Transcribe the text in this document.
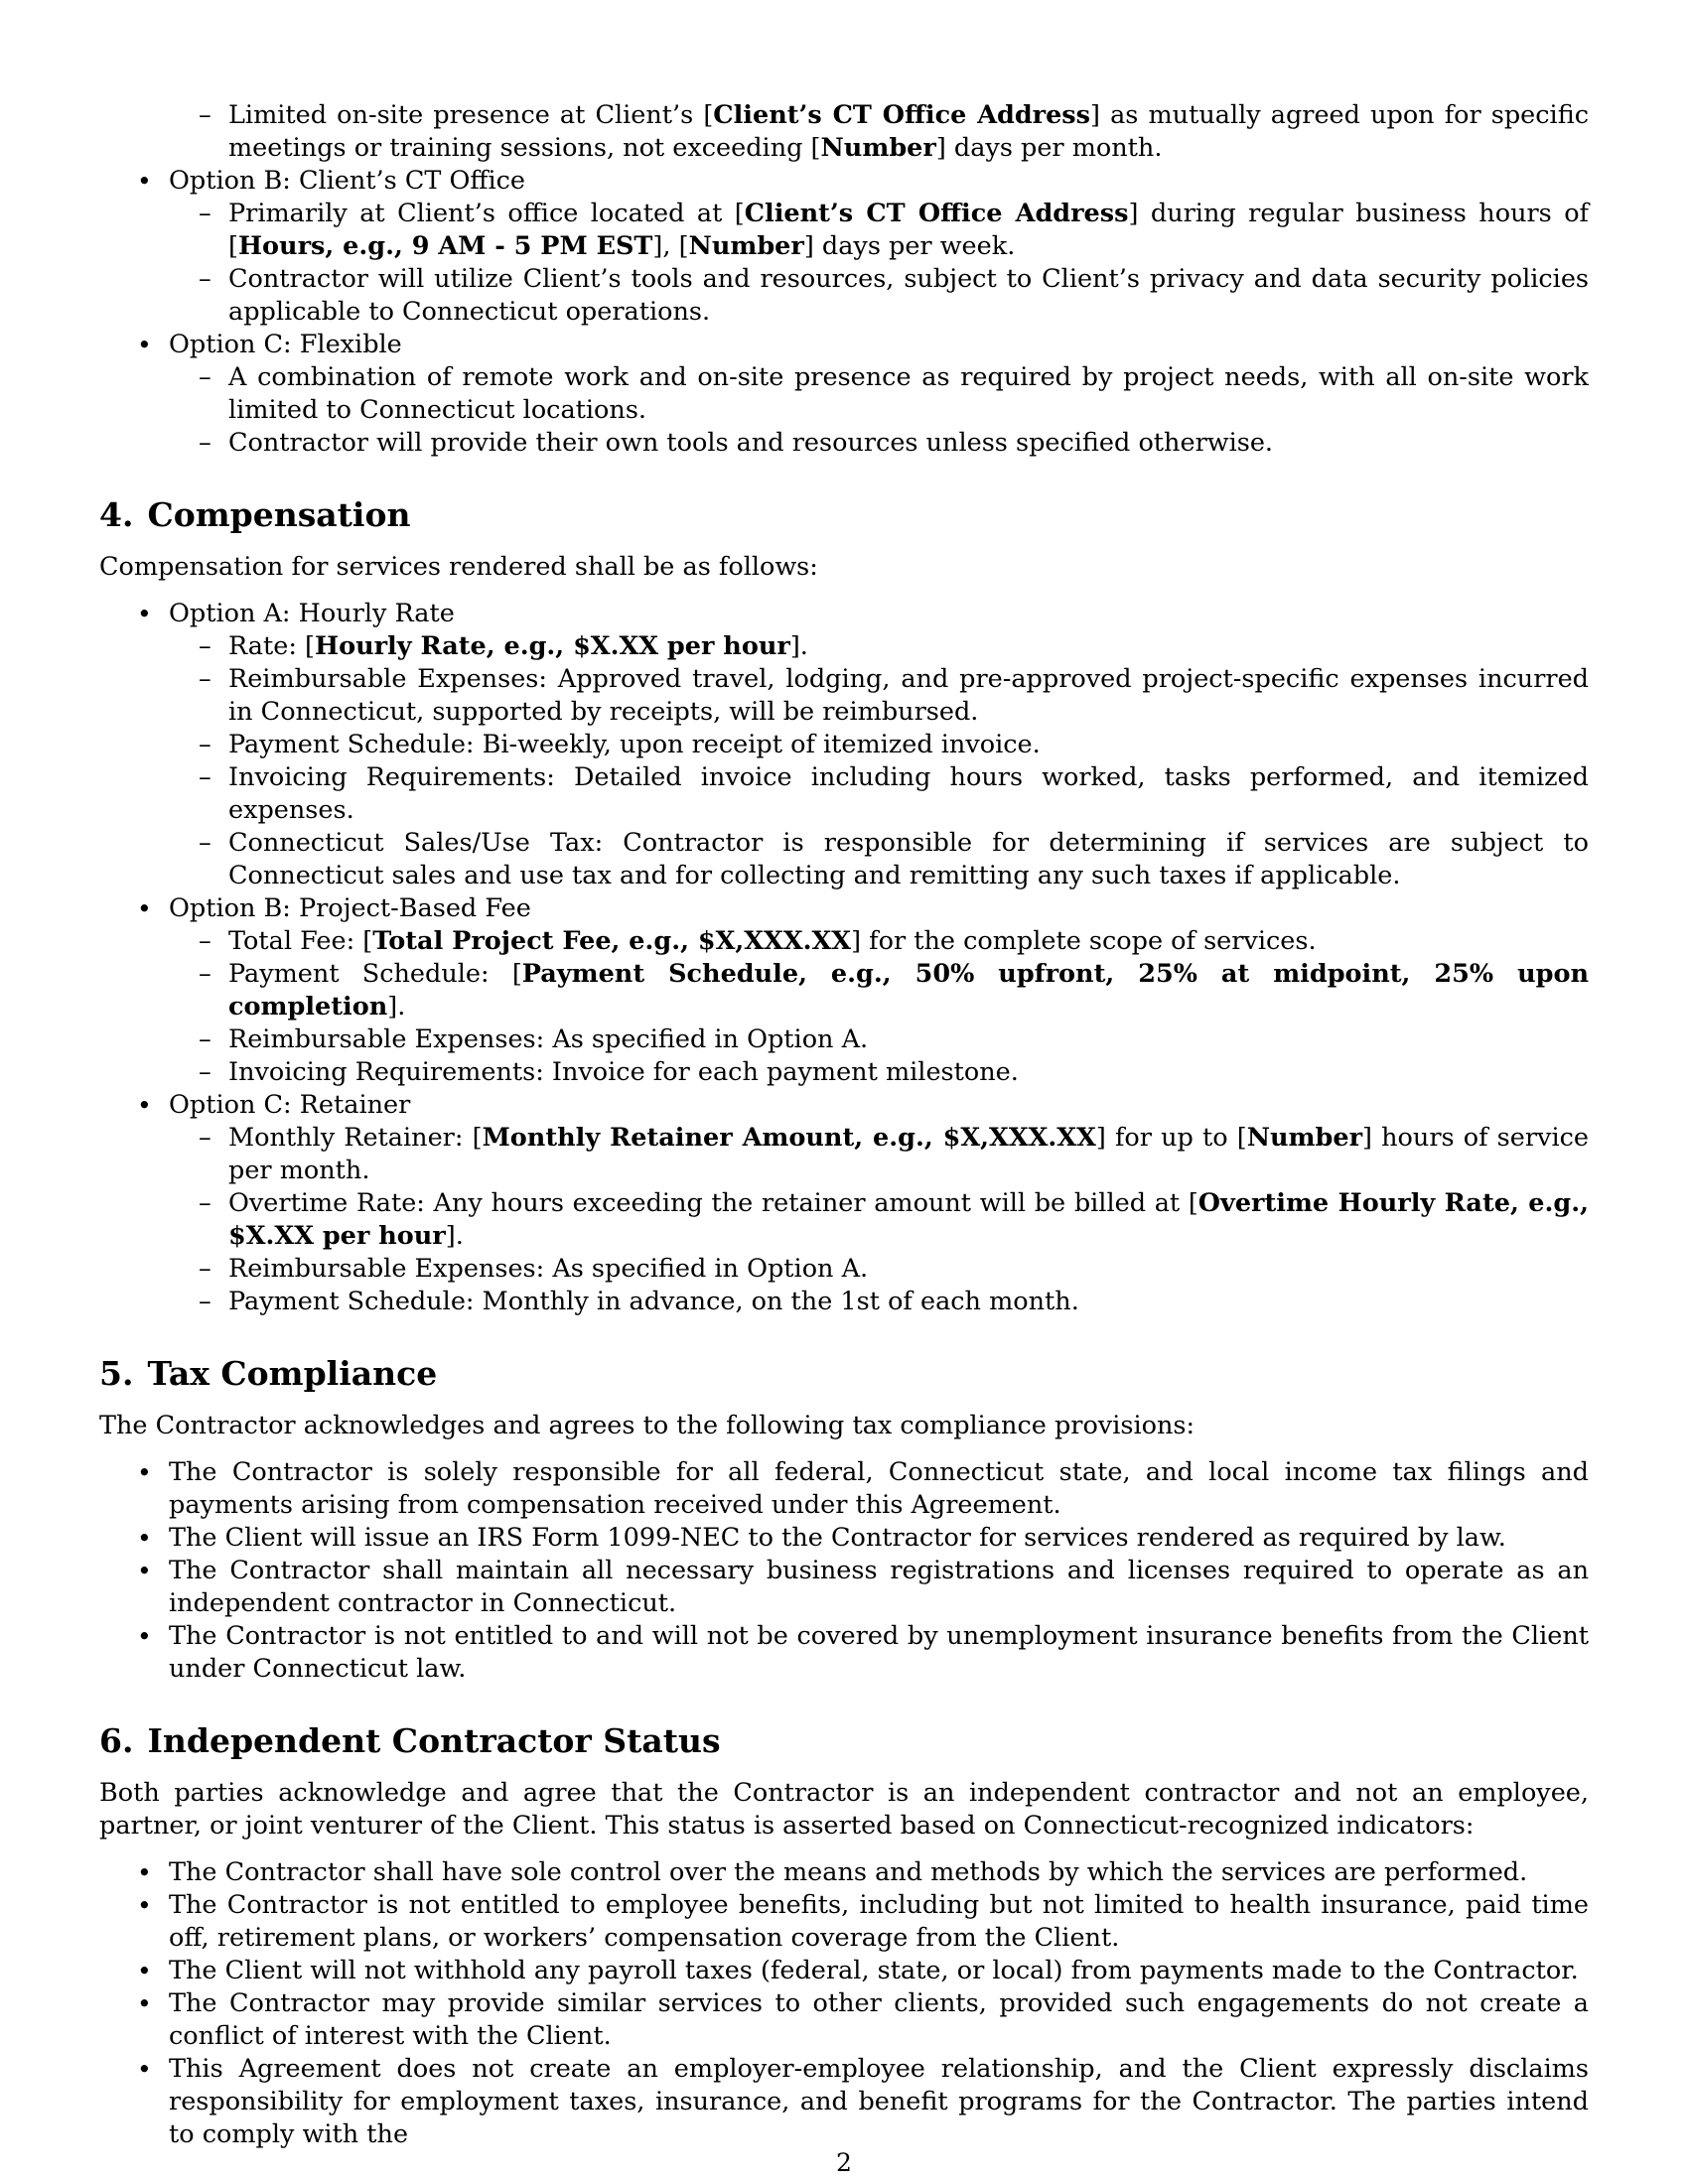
– Limited on-site presence at Client’s [Client’s CT Office Address] as mutually agreed upon for specific meetings or training sessions, not exceeding [Number] days per month.
• Option B: Client’s CT Office
– Primarily at Client’s office located at [Client’s CT Office Address] during regular business hours of [Hours, e.g., 9 AM - 5 PM EST], [Number] days per week.
– Contractor will utilize Client’s tools and resources, subject to Client’s privacy and data security policies applicable to Connecticut operations.
• Option C: Flexible
– A combination of remote work and on-site presence as required by project needs, with all on-site work limited to Connecticut locations.
– Contractor will provide their own tools and resources unless specified otherwise.
4. Compensation

Compensation for services rendered shall be as follows:

• Option A: Hourly Rate
– Rate: [Hourly Rate, e.g., $X.XX per hour].
– Reimbursable Expenses: Approved travel, lodging, and pre-approved project-specific expenses incurred in Connecticut, supported by receipts, will be reimbursed.
– Payment Schedule: Bi-weekly, upon receipt of itemized invoice.
– Invoicing Requirements: Detailed invoice including hours worked, tasks performed, and itemized expenses.
– Connecticut Sales/Use Tax: Contractor is responsible for determining if services are subject to Connecticut sales and use tax and for collecting and remitting any such taxes if applicable.
• Option B: Project-Based Fee
– Total Fee: [Total Project Fee, e.g., $X,XXX.XX] for the complete scope of services.
– Payment Schedule: [Payment Schedule, e.g., 50% upfront, 25% at midpoint, 25% upon completion].
– Reimbursable Expenses: As specified in Option A.
– Invoicing Requirements: Invoice for each payment milestone.
• Option C: Retainer
– Monthly Retainer: [Monthly Retainer Amount, e.g., $X,XXX.XX] for up to [Number] hours of service per month.
– Overtime Rate: Any hours exceeding the retainer amount will be billed at [Overtime Hourly Rate, e.g., $X.XX per hour].
– Reimbursable Expenses: As specified in Option A.
– Payment Schedule: Monthly in advance, on the 1st of each month.
5. Tax Compliance

The Contractor acknowledges and agrees to the following tax compliance provisions:

• The Contractor is solely responsible for all federal, Connecticut state, and local income tax filings and payments arising from compensation received under this Agreement.
• The Client will issue an IRS Form 1099-NEC to the Contractor for services rendered as required by law.
• The Contractor shall maintain all necessary business registrations and licenses required to operate as an independent contractor in Connecticut.
• The Contractor is not entitled to and will not be covered by unemployment insurance benefits from the Client under Connecticut law.
6. Independent Contractor Status

Both parties acknowledge and agree that the Contractor is an independent contractor and not an employee, partner, or joint venturer of the Client. This status is asserted based on Connecticut-recognized indicators:

• The Contractor shall have sole control over the means and methods by which the services are performed.
• The Contractor is not entitled to employee benefits, including but not limited to health insurance, paid time off, retirement plans, or workers’ compensation coverage from the Client.
• The Client will not withhold any payroll taxes (federal, state, or local) from payments made to the Contractor.
• The Contractor may provide similar services to other clients, provided such engagements do not create a conflict of interest with the Client.
• This Agreement does not create an employer-employee relationship, and the Client expressly disclaims responsibility for employment taxes, insurance, and benefit programs for the Contractor. The parties intend to comply with the
2
